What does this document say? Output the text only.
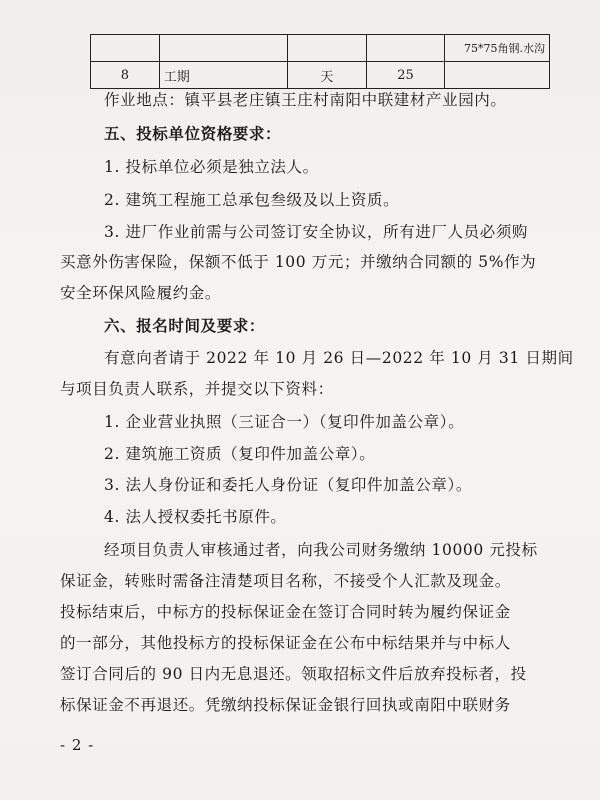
				75*75角钢.水沟
8	工期	天	25	
作业地点：镇平县老庄镇王庄村南阳中联建材产业园内。
五、投标单位资格要求：
1. 投标单位必须是独立法人。
2. 建筑工程施工总承包叁级及以上资质。
3. 进厂作业前需与公司签订安全协议，所有进厂人员必须购
买意外伤害保险，保额不低于 100 万元；并缴纳合同额的 5%作为
安全环保风险履约金。
六、报名时间及要求：
有意向者请于 2022 年 10 月 26 日—2022 年 10 月 31 日期间
与项目负责人联系，并提交以下资料：
1. 企业营业执照（三证合一）（复印件加盖公章）。
2. 建筑施工资质（复印件加盖公章）。
3. 法人身份证和委托人身份证（复印件加盖公章）。
4. 法人授权委托书原件。
经项目负责人审核通过者，向我公司财务缴纳 10000 元投标
保证金，转账时需备注清楚项目名称，不接受个人汇款及现金。
投标结束后，中标方的投标保证金在签订合同时转为履约保证金
的一部分，其他投标方的投标保证金在公布中标结果并与中标人
签订合同后的 90 日内无息退还。领取招标文件后放弃投标者，投
标保证金不再退还。凭缴纳投标保证金银行回执或南阳中联财务
- 2 -
